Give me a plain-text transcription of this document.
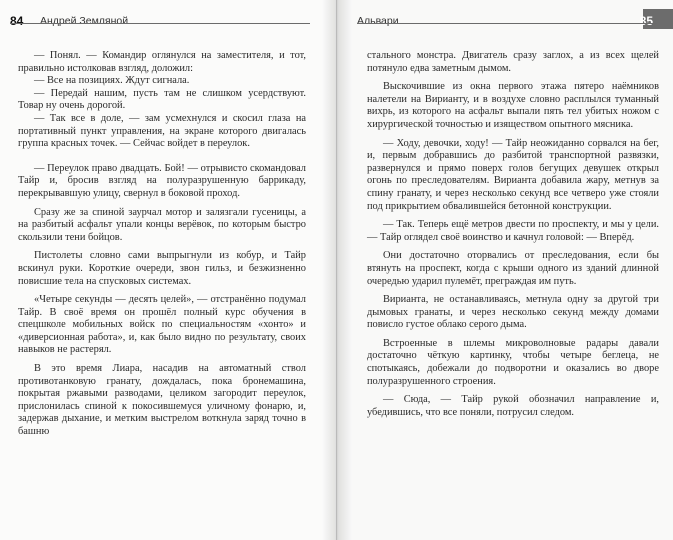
84 Андрей Земляной

— Понял. — Командир оглянулся на заместителя, и тот, правильно истолковав взгляд, доложил:

— Все на позициях. Ждут сигнала.

— Передай нашим, пусть там не слишком усердствуют. Товар ну очень дорогой.

— Так все в доле, — зам усмехнулся и скосил глаза на портативный пункт управления, на экране которого двигалась группа красных точек. — Сейчас войдет в переулок.

— Переулок право двадцать. Бой! — отрывисто скомандовал Тайр и, бросив взгляд на полуразрушенную баррикаду, перекрывавшую улицу, свернул в боковой проход.

Сразу же за спиной заурчал мотор и залязгали гусеницы, а на разбитый асфальт упали концы верёвок, по которым быстро скользили тени бойцов.

Пистолеты словно сами выпрыгнули из кобур, и Тайр вскинул руки. Короткие очереди, звон гильз, и безжизненно повисшие тела на спусковых системах.

«Четыре секунды — десять целей», — отстранённо подумал Тайр. В своё время он прошёл полный курс обучения в спецшколе мобильных войск по специальностям «хонто» и «диверсионная работа», и, как было видно по результату, своих навыков не растерял.

В это время Лиара, насадив на автоматный ствол противотанковую гранату, дождалась, пока бронемашина, покрытая ржавыми разводами, целиком загородит переулок, прислонилась спиной к покосившемуся уличному фонарю, и, задержав дыхание, и метким выстрелом воткнула заряд точно в башню

Альвари	85

стального монстра. Двигатель сразу заглох, а из всех щелей потянуло едва заметным дымом.

Выскочившие из окна первого этажа пятеро наёмников налетели на Вирианту, и в воздухе словно расплылся туманный вихрь, из которого на асфальт выпали пять тел убитых ножом с хирургической точностью и изяществом опытного мясника.

— Ходу, девочки, ходу! — Тайр неожиданно сорвался на бег, и, первым добравшись до разбитой транспортной развязки, развернулся и прямо поверх голов бегущих девушек открыл огонь по преследователям. Вирианта добавила жару, метнув за спину гранату, и через несколько секунд все четверо уже стояли под прикрытием обвалившейся бетонной конструкции.

— Так. Теперь ещё метров двести по проспекту, и мы у цели. — Тайр оглядел своё воинство и качнул головой: — Вперёд.

Они достаточно оторвались от преследования, если бы втянуть на проспект, когда с крыши одного из зданий длинной очередью ударил пулемёт, преграждая им путь.

Вирианта, не останавливаясь, метнула одну за другой три дымовых гранаты, и через несколько секунд между домами повисло густое облако серого дыма.

Встроенные в шлемы микроволновые радары давали достаточно чёткую картинку, чтобы четыре беглеца, не спотыкаясь, добежали до подворотни и оказались во дворе полуразрушенного строения.

— Сюда, — Тайр рукой обозначил направление и, убедившись, что все поняли, потрусил следом.
